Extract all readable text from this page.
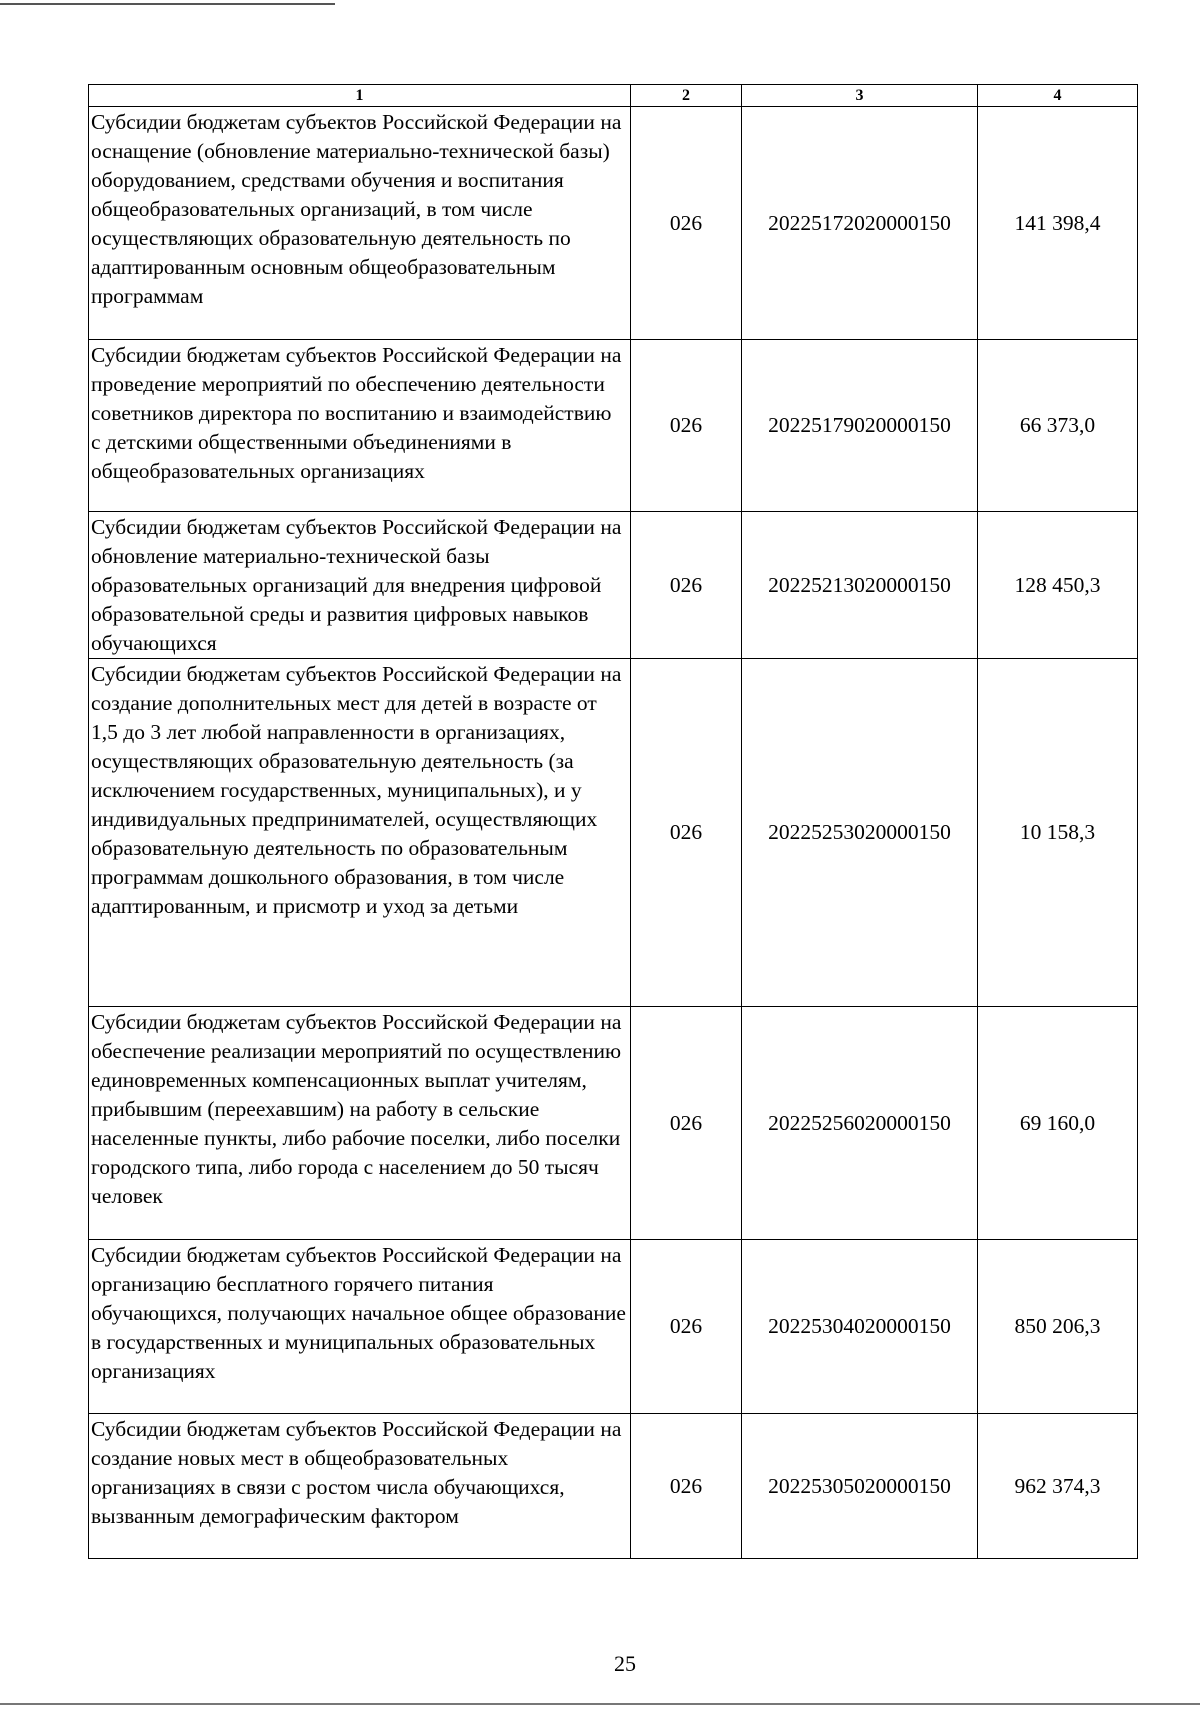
1	2	3	4
Субсидии бюджетам субъектов Российской Федерации на оснащение (обновление материально-технической базы) оборудованием, средствами обучения и воспитания общеобразовательных организаций, в том числе осуществляющих образовательную деятельность по адаптированным основным общеобразовательным программам	026	20225172020000150	141 398,4
Субсидии бюджетам субъектов Российской Федерации на проведение мероприятий по обеспечению деятельности советников директора по воспитанию и взаимодействию с детскими общественными объединениями в общеобразовательных организациях	026	20225179020000150	66 373,0
Субсидии бюджетам субъектов Российской Федерации на обновление материально-технической базы образовательных организаций для внедрения цифровой образовательной среды и развития цифровых навыков обучающихся	026	20225213020000150	128 450,3
Субсидии бюджетам субъектов Российской Федерации на создание дополнительных мест для детей в возрасте от 1,5 до 3 лет любой направленности в организациях, осуществляющих образовательную деятельность (за исключением государственных, муниципальных), и у индивидуальных предпринимателей, осуществляющих образовательную деятельность по образовательным программам дошкольного образования, в том числе адаптированным, и присмотр и уход за детьми	026	20225253020000150	10 158,3
Субсидии бюджетам субъектов Российской Федерации на обеспечение реализации мероприятий по осуществлению единовременных компенсационных выплат учителям, прибывшим (переехавшим) на работу в сельские населенные пункты, либо рабочие поселки, либо поселки городского типа, либо города с населением до 50 тысяч человек	026	20225256020000150	69 160,0
Субсидии бюджетам субъектов Российской Федерации на организацию бесплатного горячего питания обучающихся, получающих начальное общее образование в государственных и муниципальных образовательных организациях	026	20225304020000150	850 206,3
Субсидии бюджетам субъектов Российской Федерации на создание новых мест в общеобразовательных организациях в связи с ростом числа обучающихся, вызванным демографическим фактором	026	20225305020000150	962 374,3
25
